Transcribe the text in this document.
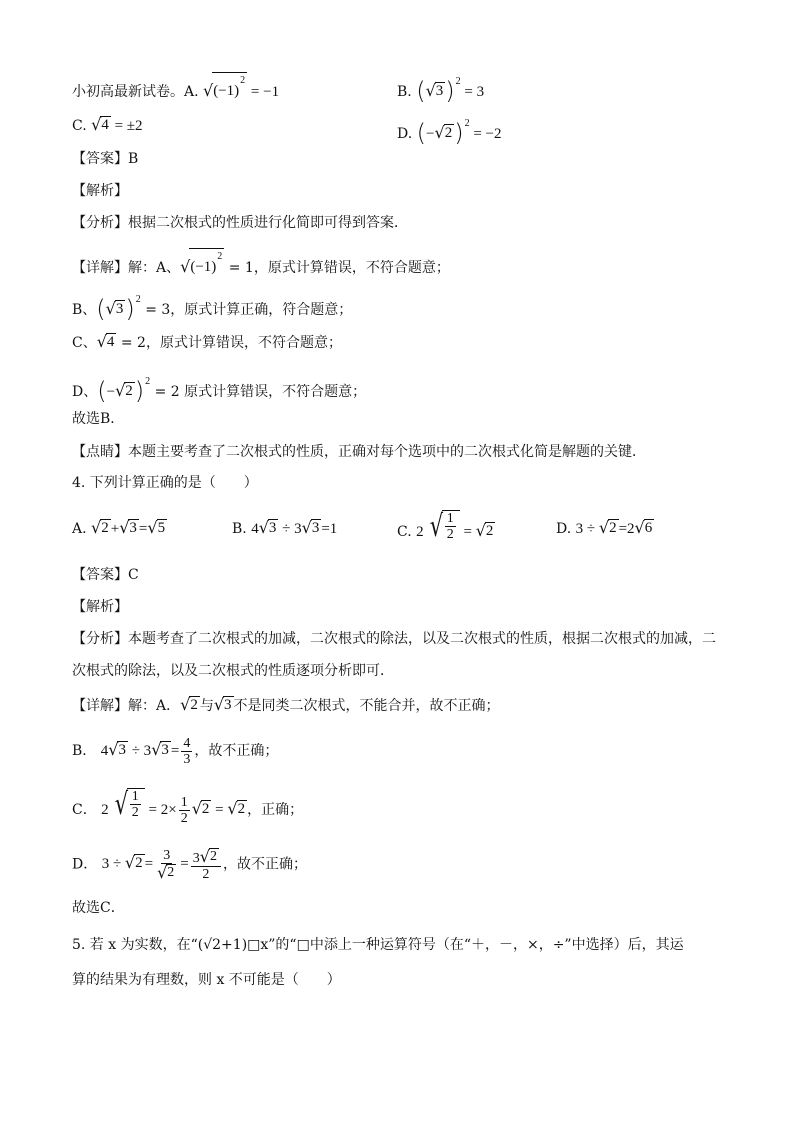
小初高最新试卷。A. √ $(-1)^2$
= −1	B. ( √ 3 )$^2$ = 3
C. √ 4 = ±2	D. (− √ 2 )$^2$ = −2
【答案】B
【解析】
【分析】根据二次根式的性质进行化简即可得到答案．
【详解】解：A、 √ $(-1)^2$
= 1，原式计算错误，不符合题意；
B、( √ 3 )$^2$ = 3，原式计算正确，符合题意；
C、 √ 4 = 2，原式计算错误，不符合题意；
D、(− √ 2 )$^2$ = 2 原式计算错误，不符合题意；
故选B．
【点睛】本题主要考查了二次根式的性质，正确对每个选项中的二次根式化简是解题的关键．
4. 下列计算正确的是（　　）
A. √ 2 + √ 3 = √ 5	B. 4 √ 3 ÷ 3 √ 3 =1	C. 2 √ $\frac{1}{2}$ = √ 2	D. 3 ÷ √ 2 =2 √ 6
【答案】C
【解析】
【分析】本题考查了二次根式的加减，二次根式的除法，以及二次根式的性质，根据二次根式的加减，二
次根式的除法，以及二次根式的性质逐项分析即可．
【详解】解：A． √ 2 与 √ 3 不是同类二次根式，不能合并，故不正确；
B． 4 √ 3 ÷ 3 √ $3 = \frac{4}{3}$ ，故不正确；
C． 2 √ $\frac{1}{2} = 2\times \frac{1}{2}$ √ 2 = √ 2 ，正确；
D． 3 ÷ √ $2 = \frac{3}{√ 2} = \frac{3 √ 2}{2}$ ，故不正确；
故选C．
5. 若 x 为实数，在“(√2+1)□x”的“□中添上一种运算符号（在“＋，－，×，÷”中选择）后，其运
算的结果为有理数，则 x 不可能是（　　）
